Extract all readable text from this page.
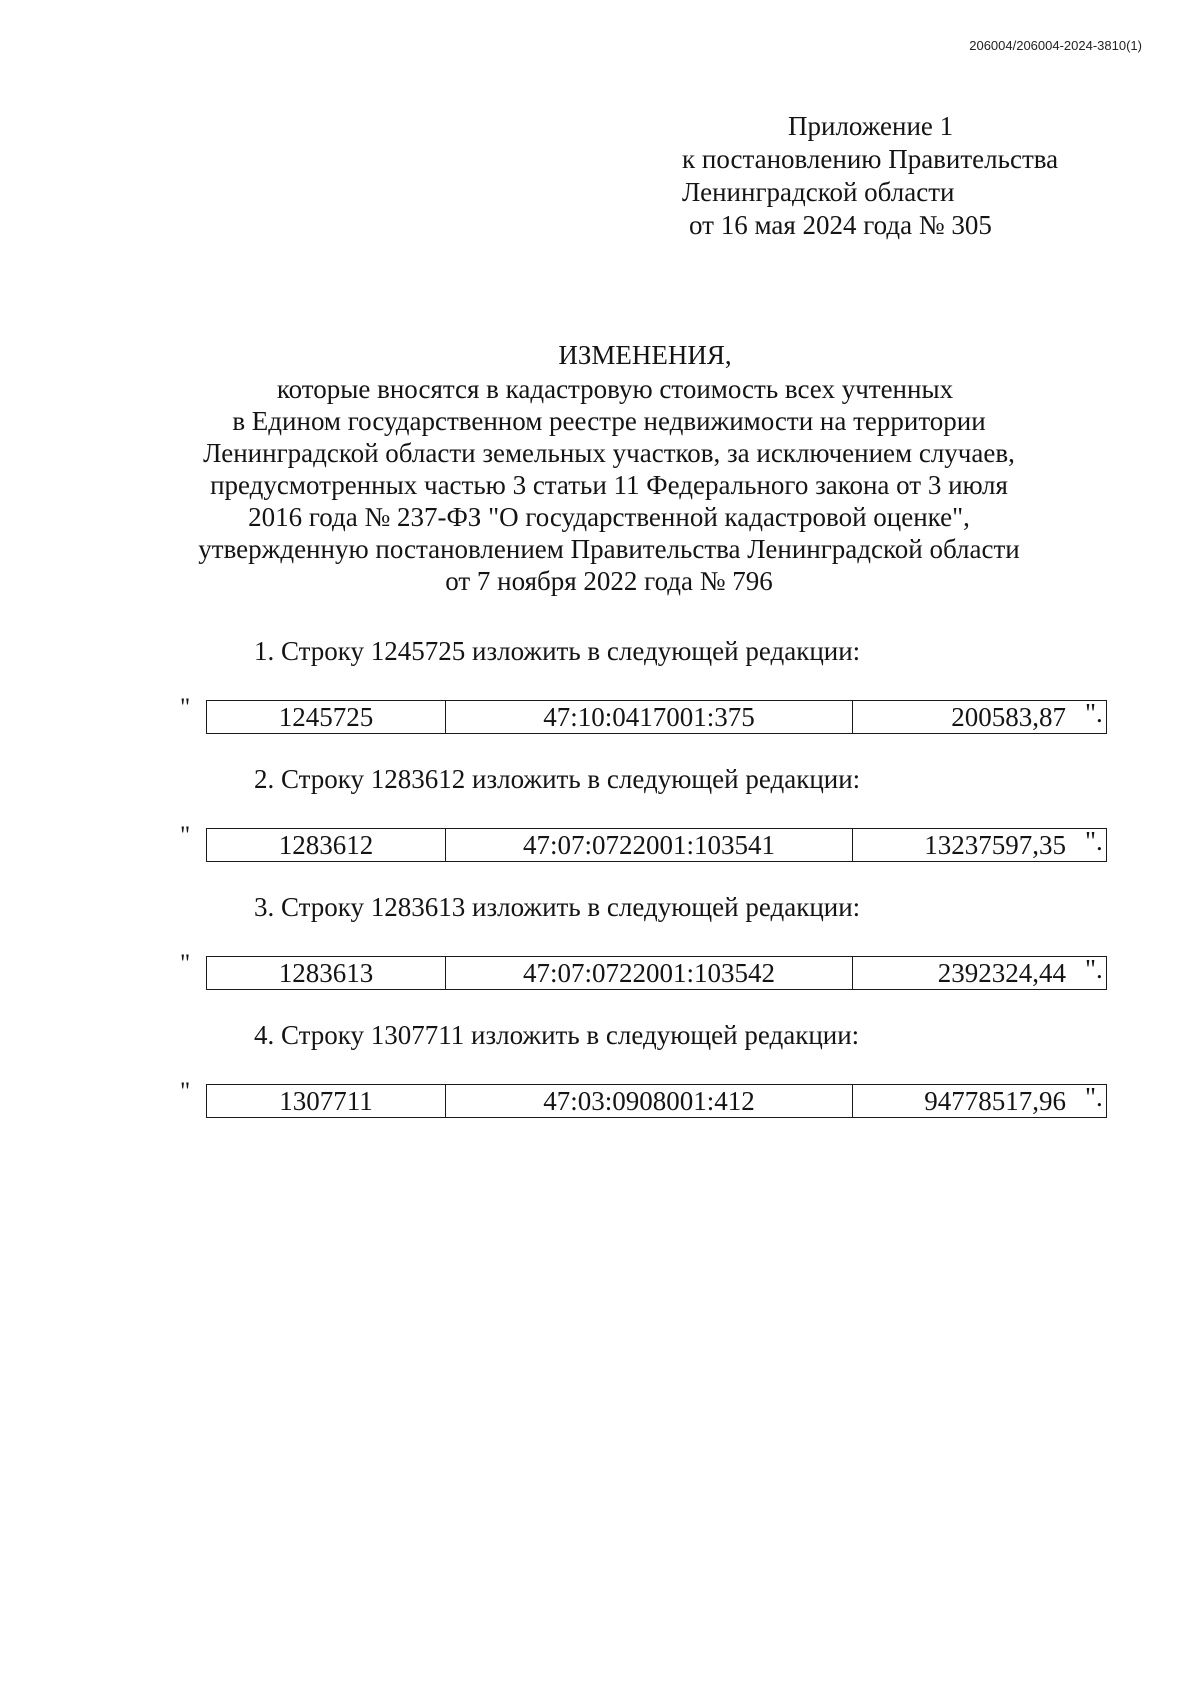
206004/206004-2024-3810(1)
Приложение 1
к постановлению Правительства
Ленинградской области
от 16 мая 2024 года № 305
ИЗМЕНЕНИЯ,
которые вносятся в кадастровую стоимость всех учтенных
в Едином государственном реестре недвижимости на территории
Ленинградской области земельных участков, за исключением случаев,
предусмотренных частью 3 статьи 11 Федерального закона от 3 июля
2016 года № 237-ФЗ "О государственной кадастровой оценке",
утвержденную постановлением Правительства Ленинградской области
от 7 ноября 2022 года № 796
1. Строку 1245725 изложить в следующей редакции:
"	1245725	47:10:0417001:375	200583,87 ".
2. Строку 1283612 изложить в следующей редакции:
"	1283612	47:07:0722001:103541	13237597,35 ".
3. Строку 1283613 изложить в следующей редакции:
"	1283613	47:07:0722001:103542	2392324,44 ".
4. Строку 1307711 изложить в следующей редакции:
"	1307711	47:03:0908001:412	94778517,96 ".
